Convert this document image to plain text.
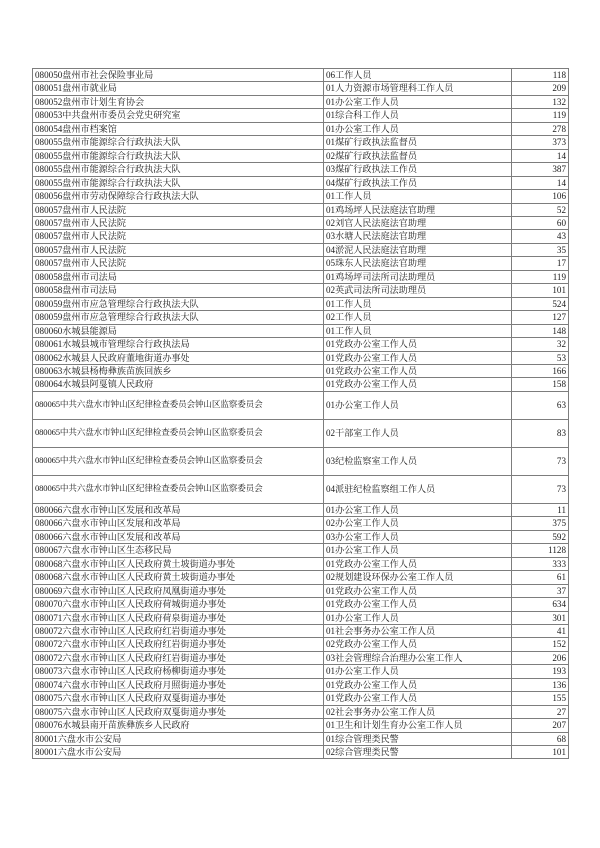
080050盘州市社会保险事业局	06工作人员	118
080051盘州市就业局	01人力资源市场管理科工作人员	209
080052盘州市计划生育协会	01办公室工作人员	132
080053中共盘州市委员会党史研究室	01综合科工作人员	119
080054盘州市档案馆	01办公室工作人员	278
080055盘州市能源综合行政执法大队	01煤矿行政执法监督员	373
080055盘州市能源综合行政执法大队	02煤矿行政执法监督员	14
080055盘州市能源综合行政执法大队	03煤矿行政执法工作员	387
080055盘州市能源综合行政执法大队	04煤矿行政执法工作员	14
080056盘州市劳动保障综合行政执法大队	01工作人员	106
080057盘州市人民法院	01鸡场坪人民法庭法官助理	52
080057盘州市人民法院	02刘官人民法庭法官助理	60
080057盘州市人民法院	03水塘人民法庭法官助理	43
080057盘州市人民法院	04淤泥人民法庭法官助理	35
080057盘州市人民法院	05珠东人民法庭法官助理	17
080058盘州市司法局	01鸡场坪司法所司法助理员	119
080058盘州市司法局	02英武司法所司法助理员	101
080059盘州市应急管理综合行政执法大队	01工作人员	524
080059盘州市应急管理综合行政执法大队	02工作人员	127
080060水城县能源局	01工作人员	148
080061水城县城市管理综合行政执法局	01党政办公室工作人员	32
080062水城县人民政府董地街道办事处	01党政办公室工作人员	53
080063水城县杨梅彝族苗族回族乡	01党政办公室工作人员	166
080064水城县阿戛镇人民政府	01党政办公室工作人员	158
080065中共六盘水市钟山区纪律检查委员会钟山区监察委员会	01办公室工作人员	63
080065中共六盘水市钟山区纪律检查委员会钟山区监察委员会	02干部室工作人员	83
080065中共六盘水市钟山区纪律检查委员会钟山区监察委员会	03纪检监察室工作人员	73
080065中共六盘水市钟山区纪律检查委员会钟山区监察委员会	04派驻纪检监察组工作人员	73
080066六盘水市钟山区发展和改革局	01办公室工作人员	11
080066六盘水市钟山区发展和改革局	02办公室工作人员	375
080066六盘水市钟山区发展和改革局	03办公室工作人员	592
080067六盘水市钟山区生态移民局	01办公室工作人员	1128
080068六盘水市钟山区人民政府黄土坡街道办事处	01党政办公室工作人员	333
080068六盘水市钟山区人民政府黄土坡街道办事处	02规划建设环保办公室工作人员	61
080069六盘水市钟山区人民政府凤凰街道办事处	01党政办公室工作人员	37
080070六盘水市钟山区人民政府荷城街道办事处	01党政办公室工作人员	634
080071六盘水市钟山区人民政府荷泉街道办事处	01办公室工作人员	301
080072六盘水市钟山区人民政府红岩街道办事处	01社会事务办公室工作人员	41
080072六盘水市钟山区人民政府红岩街道办事处	02党政办公室工作人员	152
080072六盘水市钟山区人民政府红岩街道办事处	03社会管理综合治理办公室工作人	206
080073六盘水市钟山区人民政府杨柳街道办事处	01办公室工作人员	193
080074六盘水市钟山区人民政府月照街道办事处	01党政办公室工作人员	136
080075六盘水市钟山区人民政府双戛街道办事处	01党政办公室工作人员	155
080075六盘水市钟山区人民政府双戛街道办事处	02社会事务办公室工作人员	27
080076水城县南开苗族彝族乡人民政府	01卫生和计划生育办公室工作人员	207
80001六盘水市公安局	01综合管理类民警	68
80001六盘水市公安局	02综合管理类民警	101
